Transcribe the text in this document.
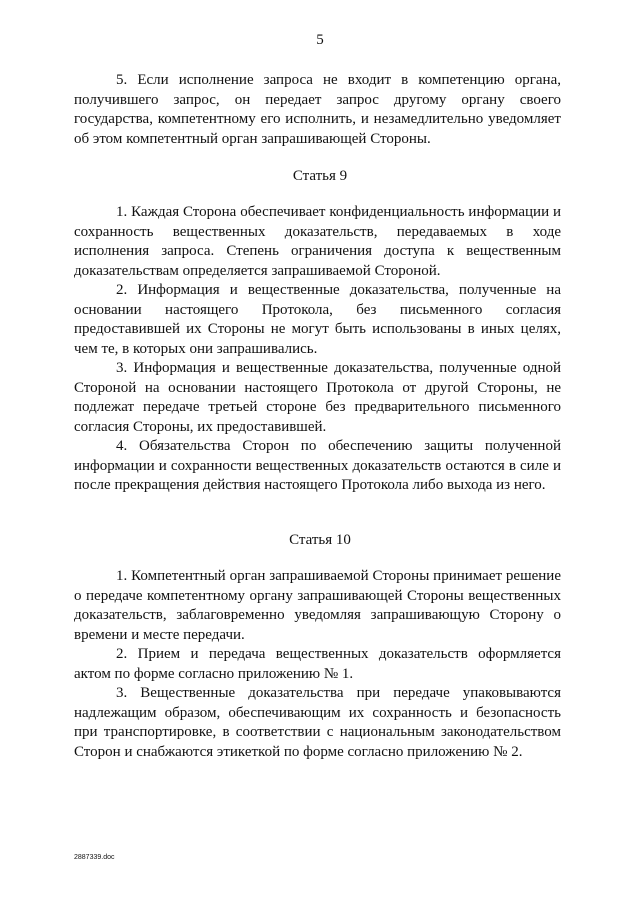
5

5. Если исполнение запроса не входит в компетенцию органа, получившего запрос, он передает запрос другому органу своего государства, компетентному его исполнить, и незамедлительно уведомляет об этом компетентный орган запрашивающей Стороны.

Статья 9

1. Каждая Сторона обеспечивает конфиденциальность информации и сохранность вещественных доказательств, передаваемых в ходе исполнения запроса. Степень ограничения доступа к вещественным доказательствам определяется запрашиваемой Стороной.

2. Информация и вещественные доказательства, полученные на основании настоящего Протокола, без письменного согласия предоставившей их Стороны не могут быть использованы в иных целях, чем те, в которых они запрашивались.

3. Информация и вещественные доказательства, полученные одной Стороной на основании настоящего Протокола от другой Стороны, не подлежат передаче третьей стороне без предварительного письменного согласия Стороны, их предоставившей.

4. Обязательства Сторон по обеспечению защиты полученной информации и сохранности вещественных доказательств остаются в силе и после прекращения действия настоящего Протокола либо выхода из него.

Статья 10

1. Компетентный орган запрашиваемой Стороны принимает решение о передаче компетентному органу запрашивающей Стороны вещественных доказательств, заблаговременно уведомляя запрашивающую Сторону о времени и месте передачи.

2. Прием и передача вещественных доказательств оформляется актом по форме согласно приложению № 1.

3. Вещественные доказательства при передаче упаковываются надлежащим образом, обеспечивающим их сохранность и безопасность при транспортировке, в соответствии с национальным законодательством Сторон и снабжаются этикеткой по форме согласно приложению № 2.

2887339.doc
